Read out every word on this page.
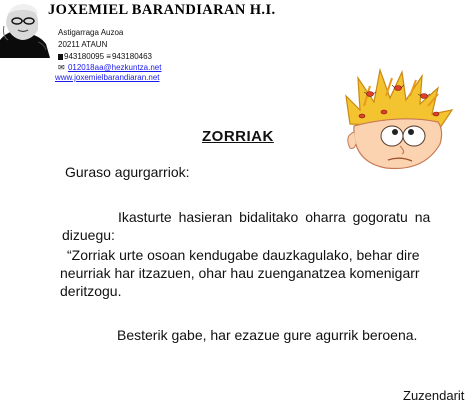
JOXEMIEL BARANDIARAN H.I.
Astigarraga Auzoa
20211 ATAUN
943180095 ≡943180463
✉ 012018aa@hezkuntza.net
www.joxemielbarandiaran.net
ZORRIAK

Guraso agurgarriok:

Ikasturte hasieran bidalitako oharra gogoratu na

dizuegu:

“Zorriak urte osoan kendugabe dauzkagulako, behar dire

neurriak har itzazuen, ohar hau zuenganatzea komenigarr

deritzogu.

Besterik gabe, har ezazue gure agurrik beroena.

Zuzendarit
